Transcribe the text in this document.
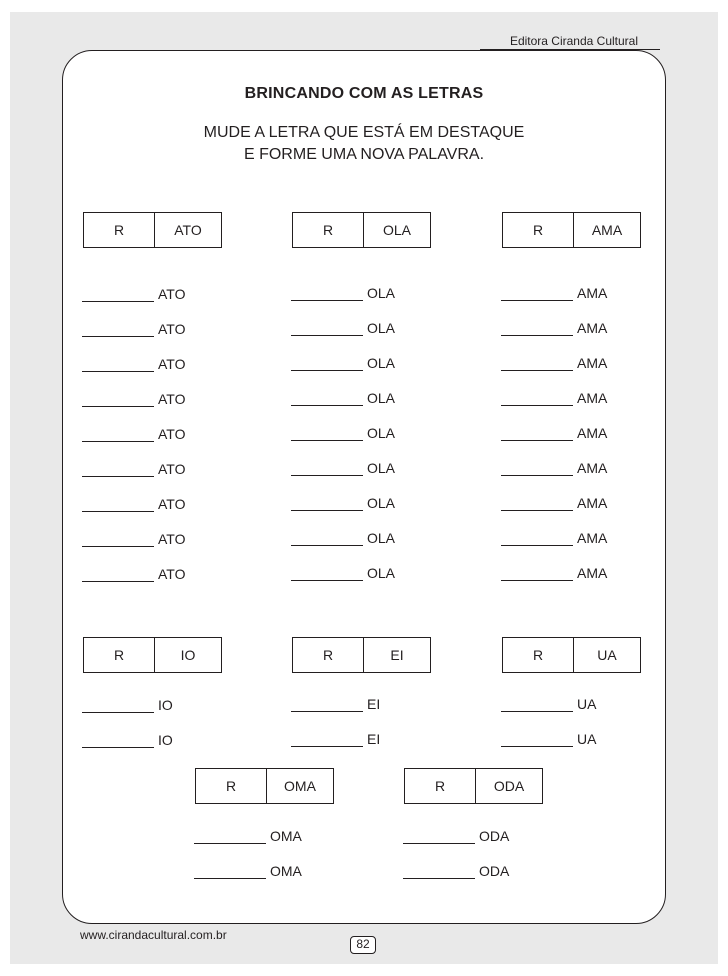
Editora Ciranda Cultural
BRINCANDO COM AS LETRAS
MUDE A LETRA QUE ESTÁ EM DESTAQUE
E FORME UMA NOVA PALAVRA.
R	ATO
ATO
ATO
ATO
ATO
ATO
ATO
ATO
ATO
ATO
R	OLA
OLA
OLA
OLA
OLA
OLA
OLA
OLA
OLA
OLA
R	AMA
AMA
AMA
AMA
AMA
AMA
AMA
AMA
AMA
AMA
R	IO
IO
IO
R	EI
EI
EI
R	UA
UA
UA
R	OMA
OMA
OMA
R	ODA
ODA
ODA
www.cirandacultural.com.br
82
